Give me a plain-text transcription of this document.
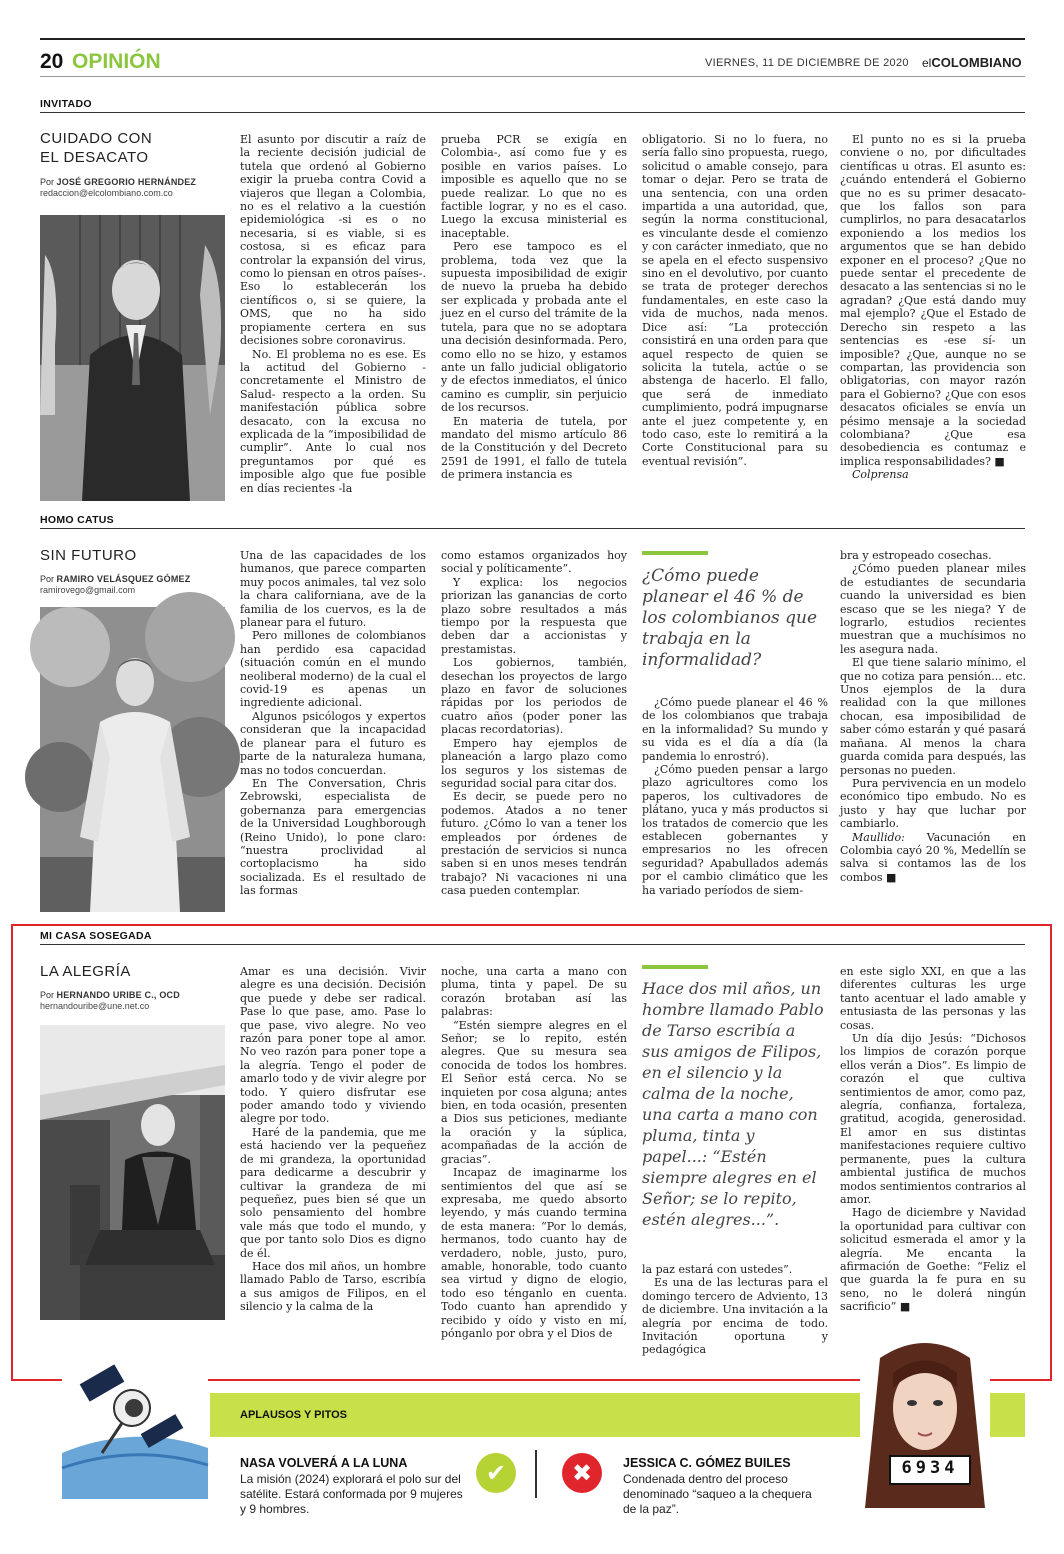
20 OPINIÓN	VIERNES, 11 DE DICIEMBRE DE 2020 elCOLOMBIANO
INVITADO
CUIDADO CON
EL DESACATO
Por JOSÉ GREGORIO HERNÁNDEZ
redaccion@elcolombiano.com.co

El asunto por discutir a raíz de la reciente decisión judicial de tutela que ordenó al Gobierno exigir la prueba contra Covid a viajeros que llegan a Colombia, no es el relativo a la cuestión epidemiológica -si es o no necesaria, si es viable, si es costosa, si es eficaz para controlar la expansión del virus, como lo piensan en otros países-. Eso lo establecerán los científicos o, si se quiere, la OMS, que no ha sido propiamente certera en sus decisiones sobre coronavirus.

No. El problema no es ese. Es la actitud del Gobierno -concretamente el Ministro de Salud- respecto a la orden. Su manifestación pública sobre desacato, con la excusa no explicada de la “imposibilidad de cumplir”. Ante lo cual nos preguntamos por qué es imposible algo que fue posible en días recientes -la

prueba PCR se exigía en Colombia-, así como fue y es posible en varios países. Lo imposible es aquello que no se puede realizar. Lo que no es factible lograr, y no es el caso. Luego la excusa ministerial es inaceptable.

Pero ese tampoco es el problema, toda vez que la supuesta imposibilidad de exigir de nuevo la prueba ha debido ser explicada y probada ante el juez en el curso del trámite de la tutela, para que no se adoptara una decisión desinformada. Pero, como ello no se hizo, y estamos ante un fallo judicial obligatorio y de efectos inmediatos, el único camino es cumplir, sin perjuicio de los recursos.

En materia de tutela, por mandato del mismo artículo 86 de la Constitución y del Decreto 2591 de 1991, el fallo de tutela de primera instancia es

obligatorio. Si no lo fuera, no sería fallo sino propuesta, ruego, solicitud o amable consejo, para tomar o dejar. Pero se trata de una sentencia, con una orden impartida a una autoridad, que, según la norma constitucional, es vinculante desde el comienzo y con carácter inmediato, que no se apela en el efecto suspensivo sino en el devolutivo, por cuanto se trata de proteger derechos fundamentales, en este caso la vida de muchos, nada menos. Dice así: “La protección consistirá en una orden para que aquel respecto de quien se solicita la tutela, actúe o se abstenga de hacerlo. El fallo, que será de inmediato cumplimiento, podrá impugnarse ante el juez competente y, en todo caso, este lo remitirá a la Corte Constitucional para su eventual revisión”.

El punto no es si la prueba conviene o no, por dificultades científicas u otras. El asunto es: ¿cuándo entenderá el Gobierno que no es su primer desacato- que los fallos son para cumplirlos, no para desacatarlos exponiendo a los medios los argumentos que se han debido exponer en el proceso? ¿Que no puede sentar el precedente de desacato a las sentencias si no le agradan? ¿Que está dando muy mal ejemplo? ¿Que el Estado de Derecho sin respeto a las sentencias es -ese sí- un imposible? ¿Que, aunque no se compartan, las providencia son obligatorias, con mayor razón para el Gobierno? ¿Que con esos desacatos oficiales se envía un pésimo mensaje a la sociedad colombiana? ¿Que esa desobediencia es contumaz e implica responsabilidades? ■

Colprensa

HOMO CATUS
SIN FUTURO
Por RAMIRO VELÁSQUEZ GÓMEZ
ramirovego@gmail.com

Una de las capacidades de los humanos, que parece comparten muy pocos animales, tal vez solo la chara californiana, ave de la familia de los cuervos, es la de planear para el futuro.

Pero millones de colombianos han perdido esa capacidad (situación común en el mundo neoliberal moderno) de la cual el covid-19 es apenas un ingrediente adicional.

Algunos psicólogos y expertos consideran que la incapacidad de planear para el futuro es parte de la naturaleza humana, mas no todos concuerdan.

En The Conversation, Chris Zebrowski, especialista de gobernanza para emergencias de la Universidad Loughborough (Reino Unido), lo pone claro: “nuestra proclividad al cortoplacismo ha sido socializada. Es el resultado de las formas

como estamos organizados hoy social y políticamente”.

Y explica: los negocios priorizan las ganancias de corto plazo sobre resultados a más tiempo por la respuesta que deben dar a accionistas y prestamistas.

Los gobiernos, también, desechan los proyectos de largo plazo en favor de soluciones rápidas por los periodos de cuatro años (poder poner las placas recordatorias).

Empero hay ejemplos de planeación a largo plazo como los seguros y los sistemas de seguridad social para citar dos.

Es decir, se puede pero no podemos. Atados a no tener futuro. ¿Cómo lo van a tener los empleados por órdenes de prestación de servicios si nunca saben si en unos meses tendrán trabajo? Ni vacaciones ni una casa pueden contemplar.

¿Cómo puede planear el 46 % de los colombianos que trabaja en la informalidad?

¿Cómo puede planear el 46 % de los colombianos que trabaja en la informalidad? Su mundo y su vida es el día a día (la pandemia lo enrostró).

¿Cómo pueden pensar a largo plazo agricultores como los paperos, los cultivadores de plátano, yuca y más productos si los tratados de comercio que les establecen gobernantes y empresarios no les ofrecen seguridad? Apabullados además por el cambio climático que les ha variado períodos de siem-

bra y estropeado cosechas.

¿Cómo pueden planear miles de estudiantes de secundaria cuando la universidad es bien escaso que se les niega? Y de lograrlo, estudios recientes muestran que a muchísimos no les asegura nada.

El que tiene salario mínimo, el que no cotiza para pensión... etc. Unos ejemplos de la dura realidad con la que millones chocan, esa imposibilidad de saber cómo estarán y qué pasará mañana. Al menos la chara guarda comida para después, las personas no pueden.

Pura pervivencia en un modelo económico tipo embudo. No es justo y hay que luchar por cambiarlo.

Maullido: Vacunación en Colombia cayó 20 %, Medellín se salva si contamos las de los combos ■

MI CASA SOSEGADA
LA ALEGRÍA
Por HERNANDO URIBE C., OCD
hernandouribe@une.net.co

Amar es una decisión. Vivir alegre es una decisión. Decisión que puede y debe ser radical. Pase lo que pase, amo. Pase lo que pase, vivo alegre. No veo razón para poner tope al amor. No veo razón para poner tope a la alegría. Tengo el poder de amarlo todo y de vivir alegre por todo. Y quiero disfrutar ese poder amando todo y viviendo alegre por todo.

Haré de la pandemia, que me está haciendo ver la pequeñez de mi grandeza, la oportunidad para dedicarme a descubrir y cultivar la grandeza de mi pequeñez, pues bien sé que un solo pensamiento del hombre vale más que todo el mundo, y que por tanto solo Dios es digno de él.

Hace dos mil años, un hombre llamado Pablo de Tarso, escribía a sus amigos de Filipos, en el silencio y la calma de la

noche, una carta a mano con pluma, tinta y papel. De su corazón brotaban así las palabras:

“Estén siempre alegres en el Señor; se lo repito, estén alegres. Que su mesura sea conocida de todos los hombres. El Señor está cerca. No se inquieten por cosa alguna; antes bien, en toda ocasión, presenten a Dios sus peticiones, mediante la oración y la súplica, acompañadas de la acción de gracias”.

Incapaz de imaginarme los sentimientos del que así se expresaba, me quedo absorto leyendo, y más cuando termina de esta manera: “Por lo demás, hermanos, todo cuanto hay de verdadero, noble, justo, puro, amable, honorable, todo cuanto sea virtud y digno de elogio, todo eso ténganlo en cuenta. Todo cuanto han aprendido y recibido y oído y visto en mí, pónganlo por obra y el Dios de

Hace dos mil años, un hombre llamado Pablo de Tarso escribía a sus amigos de Filipos, en el silencio y la calma de la noche, una carta a mano con pluma, tinta y papel...: “Estén siempre alegres en el Señor; se lo repito, estén alegres...”.

la paz estará con ustedes”.

Es una de las lecturas para el domingo tercero de Adviento, 13 de diciembre. Una invitación a la alegría por encima de todo. Invitación oportuna y pedagógica

en este siglo XXI, en que a las diferentes culturas les urge tanto acentuar el lado amable y entusiasta de las personas y las cosas.

Un día dijo Jesús: “Dichosos los limpios de corazón porque ellos verán a Dios”. Es limpio de corazón el que cultiva sentimientos de amor, como paz, alegría, confianza, fortaleza, gratitud, acogida, generosidad. El amor en sus distintas manifestaciones requiere cultivo permanente, pues la cultura ambiental justifica de muchos modos sentimientos contrarios al amor.

Hago de diciembre y Navidad la oportunidad para cultivar con solicitud esmerada el amor y la alegría. Me encanta la afirmación de Goethe: “Feliz el que guarda la fe pura en su seno, no le dolerá ningún sacrificio” ■

APLAUSOS Y PITOS
NASA VOLVERÁ A LA LUNA
La misión (2024) explorará el polo sur del satélite. Estará conformada por 9 mujeres y 9 hombres.
✔	✖	JESSICA C. GÓMEZ BUILES
Condenada dentro del proceso denominado “saqueo a la chequera de la paz”.
6934
